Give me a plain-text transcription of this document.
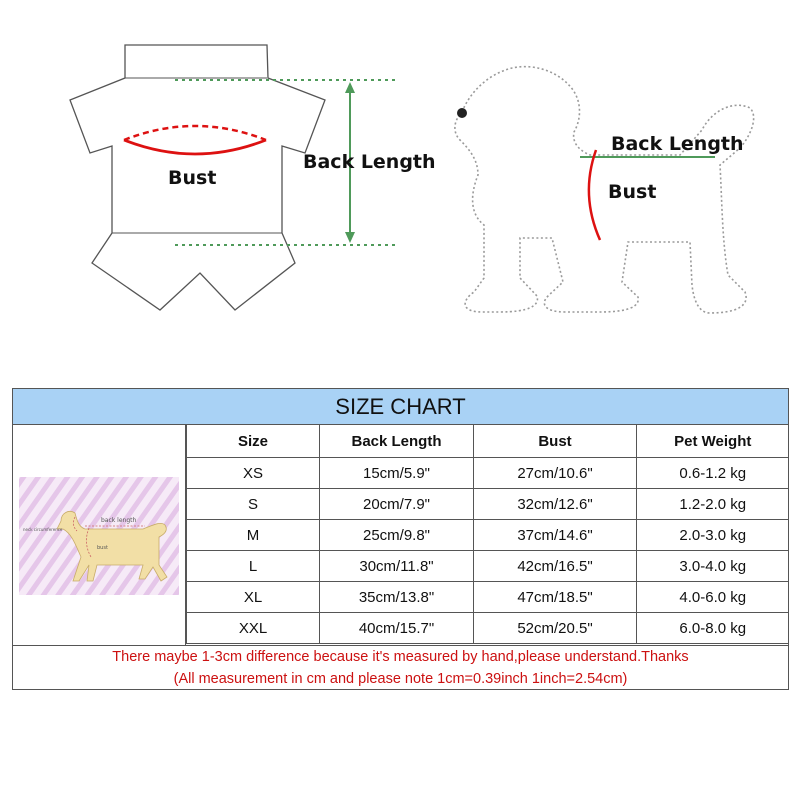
Bust
Back Length
Back Length
Bust
SIZE CHART
back length
neck circumference
bust
Size	Back Length	Bust	Pet Weight
XS	15cm/5.9"	27cm/10.6"	0.6-1.2 kg
S	20cm/7.9"	32cm/12.6"	1.2-2.0 kg
M	25cm/9.8"	37cm/14.6"	2.0-3.0 kg
L	30cm/11.8"	42cm/16.5"	3.0-4.0 kg
XL	35cm/13.8"	47cm/18.5"	4.0-6.0 kg
XXL	40cm/15.7"	52cm/20.5"	6.0-8.0 kg
There maybe 1-3cm difference because it's measured by hand,please understand.Thanks
(All measurement in cm and please note 1cm=0.39inch 1inch=2.54cm)
